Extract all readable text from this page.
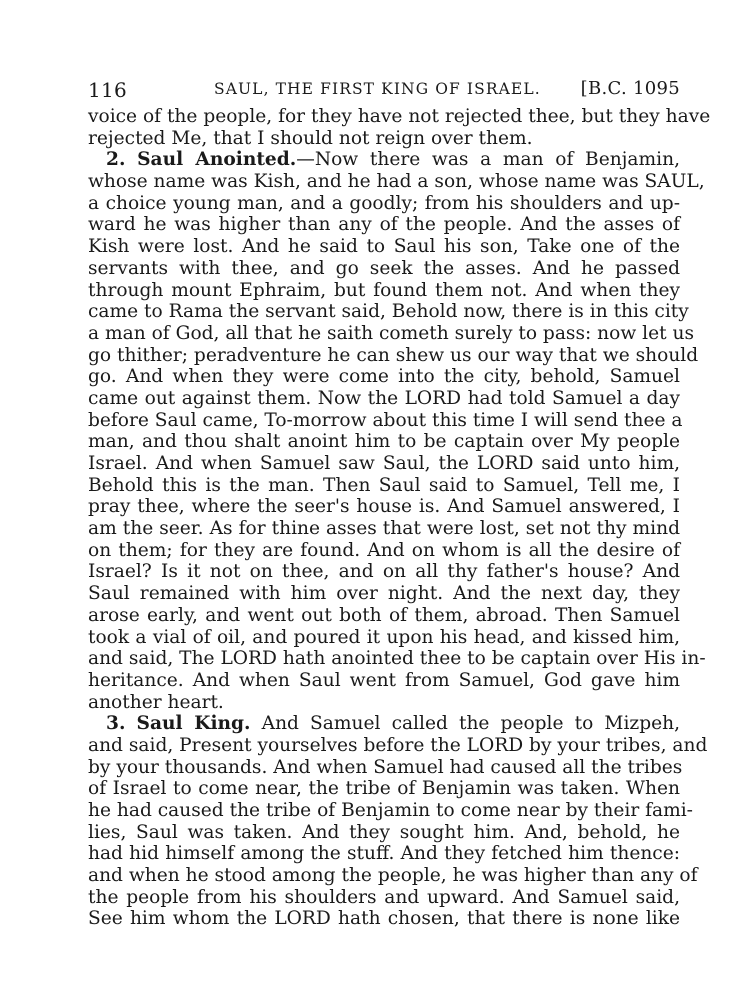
116	SAUL, THE FIRST KING OF ISRAEL. [B.C. 1095
voice of the people, for they have not rejected thee, but they have
rejected Me, that I should not reign over them.
2. Saul Anointed.—Now there was a man of Benjamin,
whose name was Kish, and he had a son, whose name was SAUL,
a choice young man, and a goodly; from his shoulders and up-
ward he was higher than any of the people. And the asses of
Kish were lost. And he said to Saul his son, Take one of the
servants with thee, and go seek the asses. And he passed
through mount Ephraim, but found them not. And when they
came to Rama the servant said, Behold now, there is in this city
a man of God, all that he saith cometh surely to pass: now let us
go thither; peradventure he can shew us our way that we should
go. And when they were come into the city, behold, Samuel
came out against them. Now the LORD had told Samuel a day
before Saul came, To-morrow about this time I will send thee a
man, and thou shalt anoint him to be captain over My people
Israel. And when Samuel saw Saul, the LORD said unto him,
Behold this is the man. Then Saul said to Samuel, Tell me, I
pray thee, where the seer's house is. And Samuel answered, I
am the seer. As for thine asses that were lost, set not thy mind
on them; for they are found. And on whom is all the desire of
Israel? Is it not on thee, and on all thy father's house? And
Saul remained with him over night. And the next day, they
arose early, and went out both of them, abroad. Then Samuel
took a vial of oil, and poured it upon his head, and kissed him,
and said, The LORD hath anointed thee to be captain over His in-
heritance. And when Saul went from Samuel, God gave him
another heart.
3. Saul King. And Samuel called the people to Mizpeh,
and said, Present yourselves before the LORD by your tribes, and
by your thousands. And when Samuel had caused all the tribes
of Israel to come near, the tribe of Benjamin was taken. When
he had caused the tribe of Benjamin to come near by their fami-
lies, Saul was taken. And they sought him. And, behold, he
had hid himself among the stuff. And they fetched him thence:
and when he stood among the people, he was higher than any of
the people from his shoulders and upward. And Samuel said,
See him whom the LORD hath chosen, that there is none like
